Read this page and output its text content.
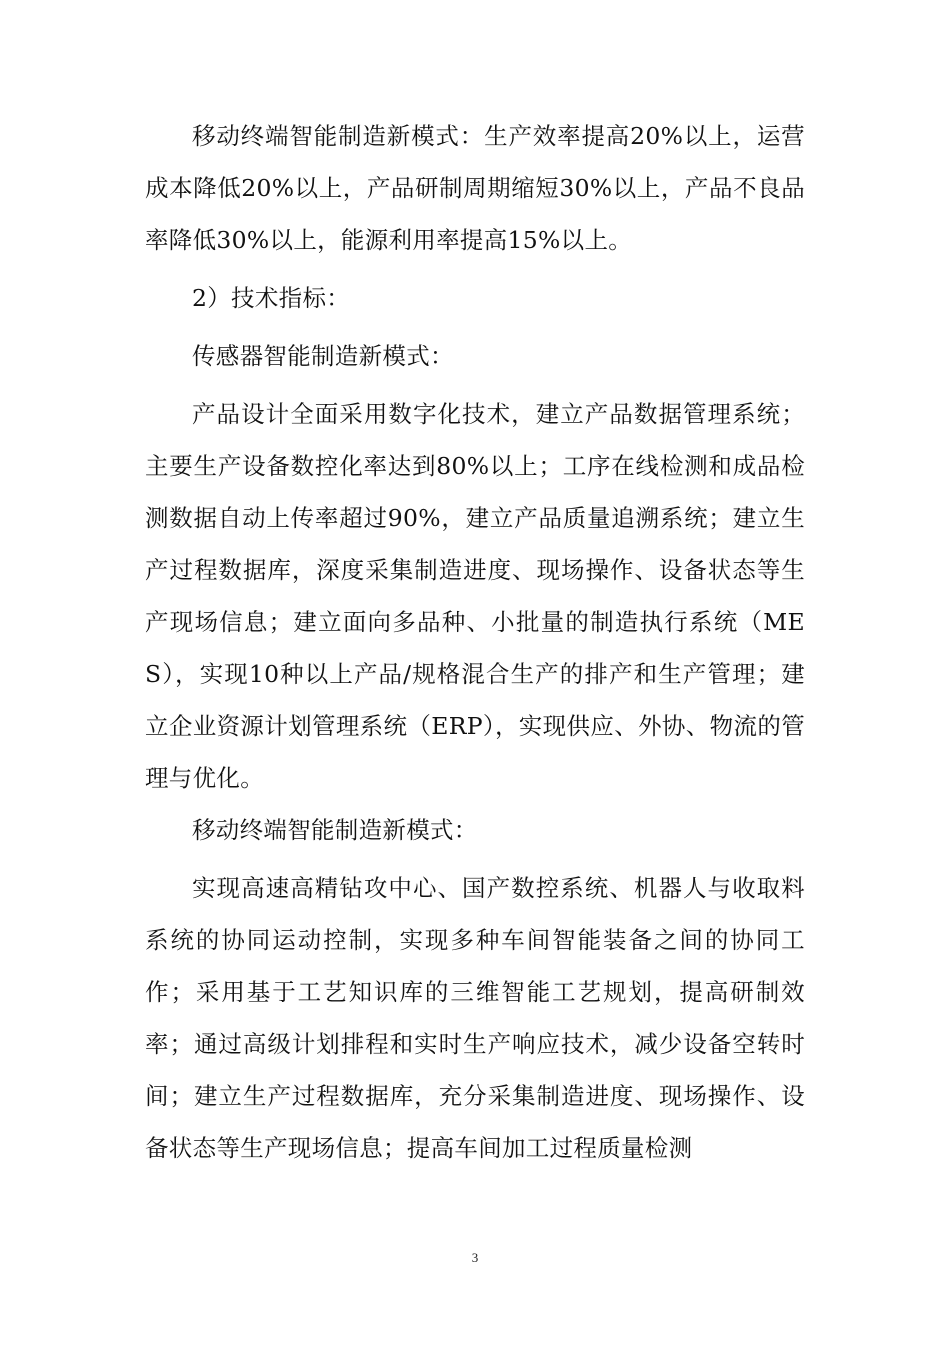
移动终端智能制造新模式：生产效率提高20%以上，运营成本降低20%以上，产品研制周期缩短30%以上，产品不良品率降低30%以上，能源利用率提高15%以上。

2）技术指标：

传感器智能制造新模式：

产品设计全面采用数字化技术，建立产品数据管理系统；主要生产设备数控化率达到80%以上；工序在线检测和成品检测数据自动上传率超过90%，建立产品质量追溯系统；建立生产过程数据库，深度采集制造进度、现场操作、设备状态等生产现场信息；建立面向多品种、小批量的制造执行系统（MES），实现10种以上产品/规格混合生产的排产和生产管理；建立企业资源计划管理系统（ERP），实现供应、外协、物流的管理与优化。

移动终端智能制造新模式：

实现高速高精钻攻中心、国产数控系统、机器人与收取料系统的协同运动控制，实现多种车间智能装备之间的协同工作；采用基于工艺知识库的三维智能工艺规划，提高研制效率；通过高级计划排程和实时生产响应技术，减少设备空转时间；建立生产过程数据库，充分采集制造进度、现场操作、设备状态等生产现场信息；提高车间加工过程质量检测

3
